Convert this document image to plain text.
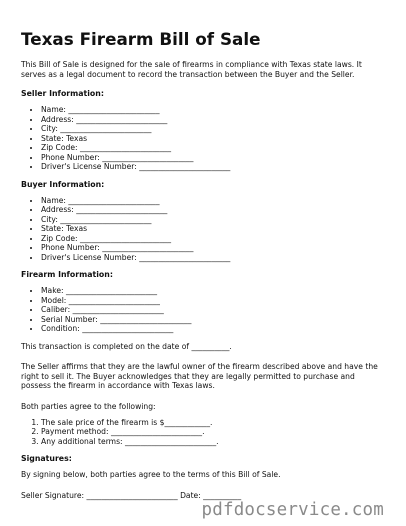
Texas Firearm Bill of Sale

This Bill of Sale is designed for the sale of firearms in compliance with Texas state laws. It serves as a legal document to record the transaction between the Buyer and the Seller.

Seller Information:
• Name: ________________________
• Address: ________________________
• City: ________________________
• State: Texas
• Zip Code: ________________________
• Phone Number: ________________________
• Driver's License Number: ________________________
Buyer Information:
• Name: ________________________
• Address: ________________________
• City: ________________________
• State: Texas
• Zip Code: ________________________
• Phone Number: ________________________
• Driver's License Number: ________________________
Firearm Information:
• Make: ________________________
• Model: ________________________
• Caliber: ________________________
• Serial Number: ________________________
• Condition: ________________________

This transaction is completed on the date of __________.

The Seller affirms that they are the lawful owner of the firearm described above and have the right to sell it. The Buyer acknowledges that they are legally permitted to purchase and possess the firearm in accordance with Texas laws.

Both parties agree to the following:

1. The sale price of the firearm is $____________.
2. Payment method: ________________________.
3. Any additional terms: ________________________.
Signatures:

By signing below, both parties agree to the terms of this Bill of Sale.

Seller Signature: ________________________ Date: __________
pdfdocservice.com
